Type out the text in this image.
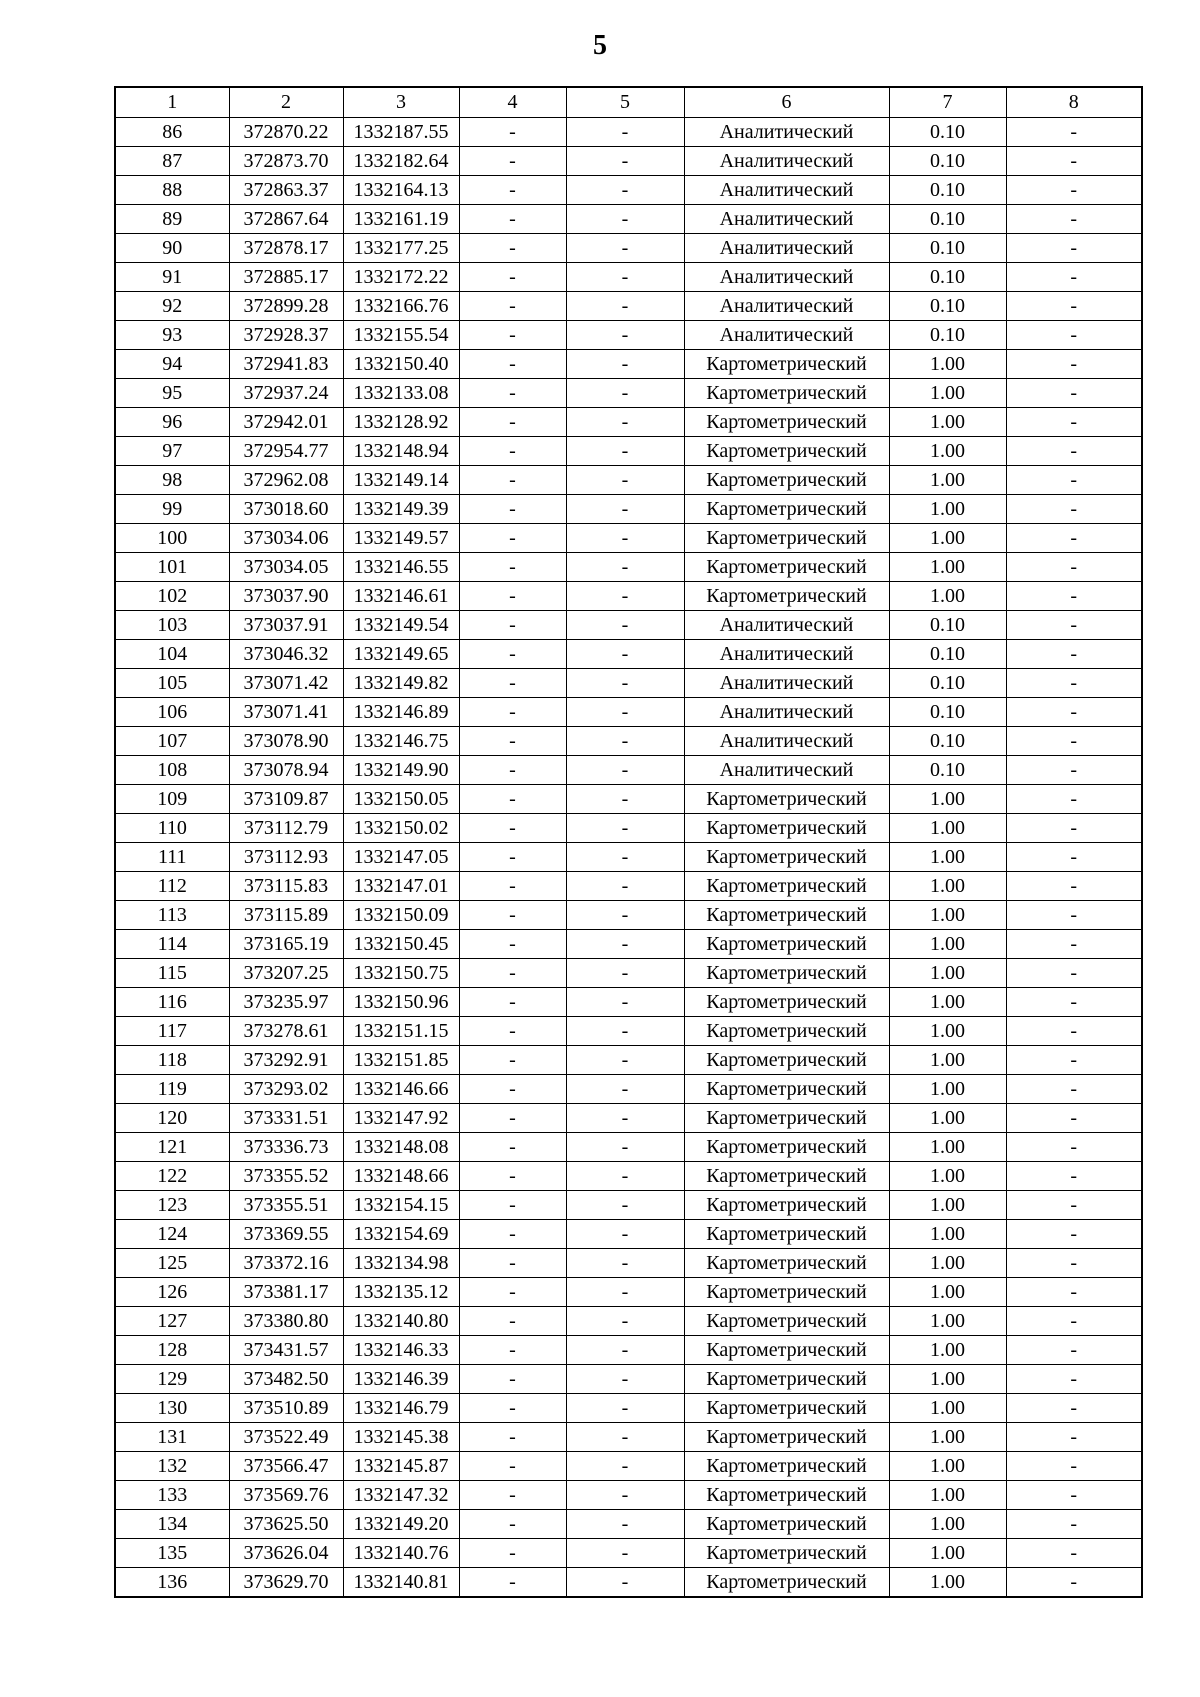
5
1	2	3	4	5	6	7	8
86	372870.22	1332187.55	-	-	Аналитический	0.10	-
87	372873.70	1332182.64	-	-	Аналитический	0.10	-
88	372863.37	1332164.13	-	-	Аналитический	0.10	-
89	372867.64	1332161.19	-	-	Аналитический	0.10	-
90	372878.17	1332177.25	-	-	Аналитический	0.10	-
91	372885.17	1332172.22	-	-	Аналитический	0.10	-
92	372899.28	1332166.76	-	-	Аналитический	0.10	-
93	372928.37	1332155.54	-	-	Аналитический	0.10	-
94	372941.83	1332150.40	-	-	Картометрический	1.00	-
95	372937.24	1332133.08	-	-	Картометрический	1.00	-
96	372942.01	1332128.92	-	-	Картометрический	1.00	-
97	372954.77	1332148.94	-	-	Картометрический	1.00	-
98	372962.08	1332149.14	-	-	Картометрический	1.00	-
99	373018.60	1332149.39	-	-	Картометрический	1.00	-
100	373034.06	1332149.57	-	-	Картометрический	1.00	-
101	373034.05	1332146.55	-	-	Картометрический	1.00	-
102	373037.90	1332146.61	-	-	Картометрический	1.00	-
103	373037.91	1332149.54	-	-	Аналитический	0.10	-
104	373046.32	1332149.65	-	-	Аналитический	0.10	-
105	373071.42	1332149.82	-	-	Аналитический	0.10	-
106	373071.41	1332146.89	-	-	Аналитический	0.10	-
107	373078.90	1332146.75	-	-	Аналитический	0.10	-
108	373078.94	1332149.90	-	-	Аналитический	0.10	-
109	373109.87	1332150.05	-	-	Картометрический	1.00	-
110	373112.79	1332150.02	-	-	Картометрический	1.00	-
111	373112.93	1332147.05	-	-	Картометрический	1.00	-
112	373115.83	1332147.01	-	-	Картометрический	1.00	-
113	373115.89	1332150.09	-	-	Картометрический	1.00	-
114	373165.19	1332150.45	-	-	Картометрический	1.00	-
115	373207.25	1332150.75	-	-	Картометрический	1.00	-
116	373235.97	1332150.96	-	-	Картометрический	1.00	-
117	373278.61	1332151.15	-	-	Картометрический	1.00	-
118	373292.91	1332151.85	-	-	Картометрический	1.00	-
119	373293.02	1332146.66	-	-	Картометрический	1.00	-
120	373331.51	1332147.92	-	-	Картометрический	1.00	-
121	373336.73	1332148.08	-	-	Картометрический	1.00	-
122	373355.52	1332148.66	-	-	Картометрический	1.00	-
123	373355.51	1332154.15	-	-	Картометрический	1.00	-
124	373369.55	1332154.69	-	-	Картометрический	1.00	-
125	373372.16	1332134.98	-	-	Картометрический	1.00	-
126	373381.17	1332135.12	-	-	Картометрический	1.00	-
127	373380.80	1332140.80	-	-	Картометрический	1.00	-
128	373431.57	1332146.33	-	-	Картометрический	1.00	-
129	373482.50	1332146.39	-	-	Картометрический	1.00	-
130	373510.89	1332146.79	-	-	Картометрический	1.00	-
131	373522.49	1332145.38	-	-	Картометрический	1.00	-
132	373566.47	1332145.87	-	-	Картометрический	1.00	-
133	373569.76	1332147.32	-	-	Картометрический	1.00	-
134	373625.50	1332149.20	-	-	Картометрический	1.00	-
135	373626.04	1332140.76	-	-	Картометрический	1.00	-
136	373629.70	1332140.81	-	-	Картометрический	1.00	-
